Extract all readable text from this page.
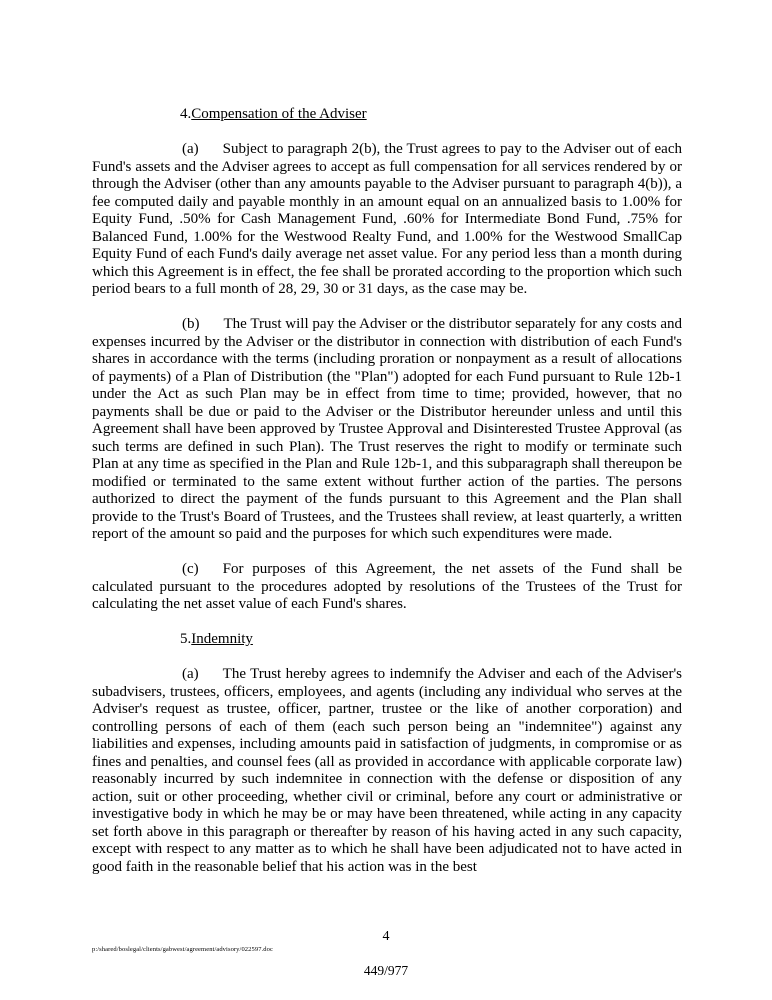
4.Compensation of the Adviser

(a) Subject to paragraph 2(b), the Trust agrees to pay to the Adviser out of each Fund's assets and the Adviser agrees to accept as full compensation for all services rendered by or through the Adviser (other than any amounts payable to the Adviser pursuant to paragraph 4(b)), a fee computed daily and payable monthly in an amount equal on an annualized basis to 1.00% for Equity Fund, .50% for Cash Management Fund, .60% for Intermediate Bond Fund, .75% for Balanced Fund, 1.00% for the Westwood Realty Fund, and 1.00% for the Westwood SmallCap Equity Fund of each Fund's daily average net asset value. For any period less than a month during which this Agreement is in effect, the fee shall be prorated according to the proportion which such period bears to a full month of 28, 29, 30 or 31 days, as the case may be.

(b) The Trust will pay the Adviser or the distributor separately for any costs and expenses incurred by the Adviser or the distributor in connection with distribution of each Fund's shares in accordance with the terms (including proration or nonpayment as a result of allocations of payments) of a Plan of Distribution (the "Plan") adopted for each Fund pursuant to Rule 12b-1 under the Act as such Plan may be in effect from time to time; provided, however, that no payments shall be due or paid to the Adviser or the Distributor hereunder unless and until this Agreement shall have been approved by Trustee Approval and Disinterested Trustee Approval (as such terms are defined in such Plan). The Trust reserves the right to modify or terminate such Plan at any time as specified in the Plan and Rule 12b-1, and this subparagraph shall thereupon be modified or terminated to the same extent without further action of the parties. The persons authorized to direct the payment of the funds pursuant to this Agreement and the Plan shall provide to the Trust's Board of Trustees, and the Trustees shall review, at least quarterly, a written report of the amount so paid and the purposes for which such expenditures were made.

(c) For purposes of this Agreement, the net assets of the Fund shall be calculated pursuant to the procedures adopted by resolutions of the Trustees of the Trust for calculating the net asset value of each Fund's shares.

5.Indemnity

(a) The Trust hereby agrees to indemnify the Adviser and each of the Adviser's subadvisers, trustees, officers, employees, and agents (including any individual who serves at the Adviser's request as trustee, officer, partner, trustee or the like of another corporation) and controlling persons of each of them (each such person being an "indemnitee") against any liabilities and expenses, including amounts paid in satisfaction of judgments, in compromise or as fines and penalties, and counsel fees (all as provided in accordance with applicable corporate law) reasonably incurred by such indemnitee in connection with the defense or disposition of any action, suit or other proceeding, whether civil or criminal, before any court or administrative or investigative body in which he may be or may have been threatened, while acting in any capacity set forth above in this paragraph or thereafter by reason of his having acted in any such capacity, except with respect to any matter as to which he shall have been adjudicated not to have acted in good faith in the reasonable belief that his action was in the best

4
p:/shared/boslegal/clients/gabwest/agreement/advisory/022597.doc
449/977
